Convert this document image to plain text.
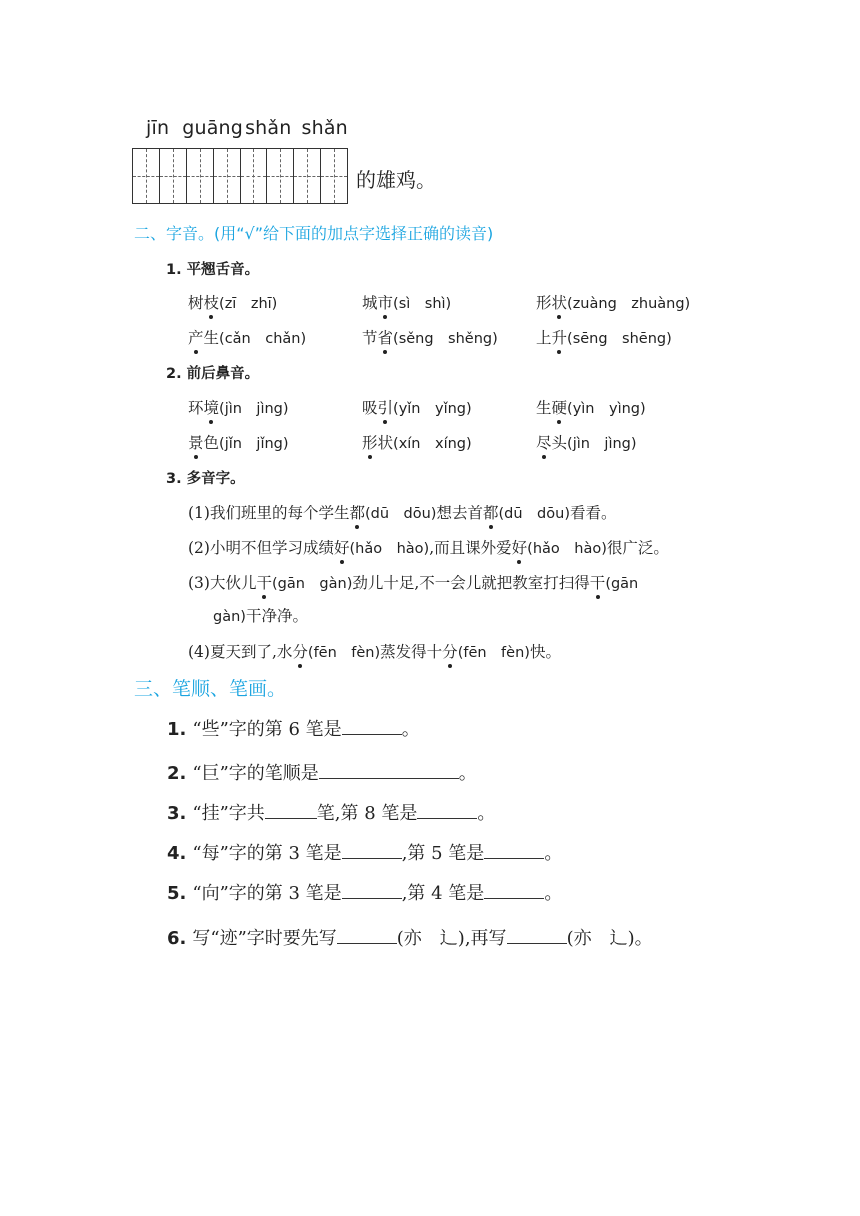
jīn guāng shǎn shǎn
的雄鸡。
二、字音。(用“√”给下面的加点字选择正确的读音)
1. 平翘舌音。
树枝(zī　zhī)	城市(sì　shì)	形状(zuàng　zhuàng)
产生(cǎn　chǎn)	节省(sěng　shěng) 上升(sēng　shēng)
2. 前后鼻音。
环境(jìn　jìng)	吸引(yǐn　yǐng)	生硬(yìn　yìng)
景色(jǐn　jǐng)	形状(xín　xíng)	尽头(jìn　jìng)
3. 多音字。
(1)我们班里的每个学生都(dū　dōu)想去首都(dū　dōu)看看。
(2)小明不但学习成绩好(hǎo　hào),而且课外爱好(hǎo　hào)很广泛。
(3)大伙儿干(gān　gàn)劲儿十足,不一会儿就把教室打扫得干(gān
gàn)干净净。
(4)夏天到了,水分(fēn　fèn)蒸发得十分(fēn　fèn)快。
三、笔顺、笔画。
1. “些”字的第 6 笔是	。
2. “巨”字的笔顺是	。
3. “挂”字共	笔,第 8 笔是	。
4. “每”字的第 3 笔是	,第 5 笔是	。
5. “向”字的第 3 笔是	,第 4 笔是	。
6. 写“迹”字时要先写	(亦　⻌),再写	(亦　⻌)。
